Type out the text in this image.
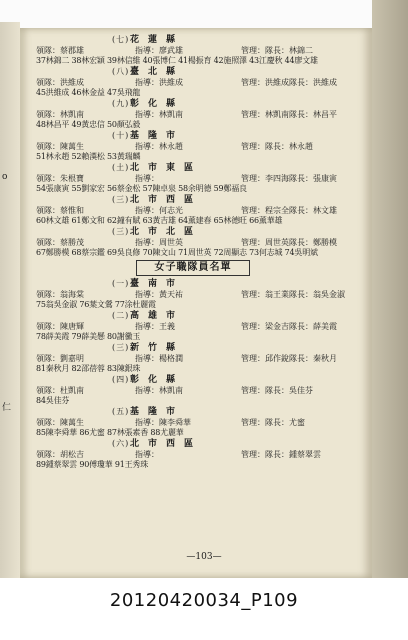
o
仁
(七) 花蓮縣
領隊：蔡郡雄	指導：廖武雄	管理：隊長：林錦二
37林錦二 38林宏穎 39林信維 40張博仁 41楊振育 42施照澤 43江慶秋 44廖文雄
(八) 臺北縣
領隊：洪維成	指導：洪維成	管理：洪維成隊長：洪維成
45洪維成 46林金益 47吳飛龍
(九) 彰化縣
領隊：林凱南	指導：林凱南	管理：林凱南隊長：林昌平
48林昌平 49黃忠信 50顏弘毅
(十) 基隆市
領隊：陳萬生	指導：林永趙	管理：隊長：林永趙
51林永趙 52賴漢松 53黃瑞麟
(土) 北市東區
領隊：朱根寶	指導：	管理：李四海隊長：張康寅
54張康寅 55劉家宏 56蔡金松 57陳卓泉 58余明德 59鄭福良
(三) 北市西區
領隊：蔡惟和	指導：何志光	管理：程宗全隊長：林文雄
60林文雄 61鄭文和 62鐘有賦 63黃吉雄 64薰建春 65林德旺 66薰華雄
(三) 北市北區
領隊：蔡勝茂	指導：周世英	管理：周世英隊長：鄭勝模
67鄭勝模 68蔡宗鑑 69吳良修 70陳文山 71周世英 72周顯志 73何志城 74吳明斌
女子職隊員名單
(一) 臺南市
領隊：翁海棠	指導：黃天祐	管理：翁王業隊長：翁吳金淑
75翁吳金淑 76葉文鶯 77涂杜麗霞
(二) 高雄市
領隊：陳唐輝	指導：王義	管理：梁金吉隊長：薛美霞
78薛美霞 79薛美懸 80謝黴玉
(三) 新竹縣
領隊：劉嘉明	指導：楊格潤	管理：邱作銳隊長：秦秋月
81秦秋月 82邵蓓蓉 83陳銀珠
(四) 彰化縣
領隊：杜凱南	指導：林凱南	管理：隊長：吳佳芬
84吳佳芬
(五) 基隆市
領隊：陳萬生	指導：陳李舜華	管理：隊長：尤蜜
85陳李舜華 86尤蜜 87林張素香 88尤麗華
(六) 北市西區
領隊：胡松吉	指導：	管理：隊長：鍾蔡翠雲
89鍾蔡翠雲 90傅瓊華 91王秀珠
—103—
20120420034_P109
